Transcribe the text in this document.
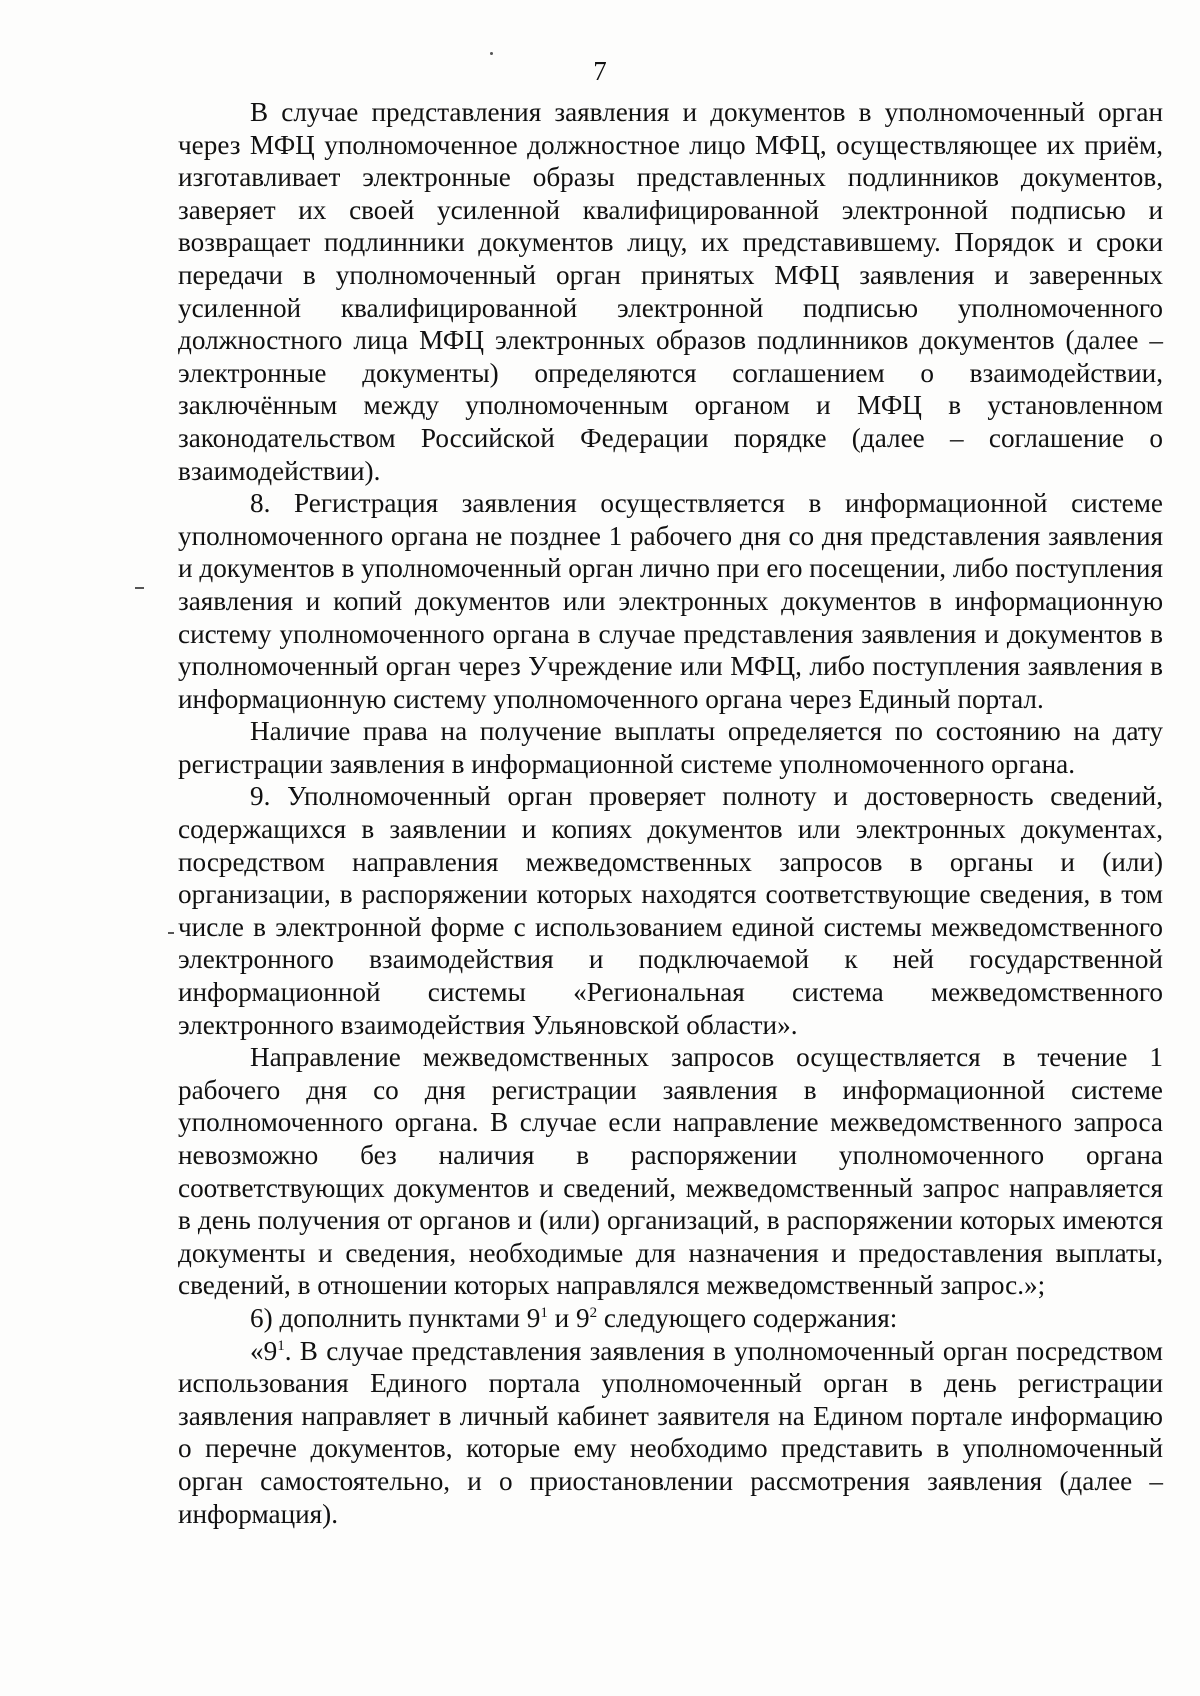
7

В случае представления заявления и документов в уполномоченный орган через МФЦ уполномоченное должностное лицо МФЦ, осуществляющее их приём, изготавливает электронные образы представленных подлинников документов, заверяет их своей усиленной квалифицированной электронной подписью и возвращает подлинники документов лицу, их представившему. Порядок и сроки передачи в уполномоченный орган принятых МФЦ заявления и заверенных усиленной квалифицированной электронной подписью уполномоченного должностного лица МФЦ электронных образов подлинников документов (далее – электронные документы) определяются соглашением о взаимодействии, заключённым между уполномоченным органом и МФЦ в установленном законодательством Российской Федерации порядке (далее – соглашение о взаимодействии).

8. Регистрация заявления осуществляется в информационной системе уполномоченного органа не позднее 1 рабочего дня со дня представления заявления и документов в уполномоченный орган лично при его посещении, либо поступления заявления и копий документов или электронных документов в информационную систему уполномоченного органа в случае представления заявления и документов в уполномоченный орган через Учреждение или МФЦ, либо поступления заявления в информационную систему уполномоченного органа через Единый портал.

Наличие права на получение выплаты определяется по состоянию на дату регистрации заявления в информационной системе уполномоченного органа.

9. Уполномоченный орган проверяет полноту и достоверность сведений, содержащихся в заявлении и копиях документов или электронных документах, посредством направления межведомственных запросов в органы и (или) организации, в распоряжении которых находятся соответствующие сведения, в том числе в электронной форме с использованием единой системы межведомственного электронного взаимодействия и подключаемой к ней государственной информационной системы «Региональная система межведомственного электронного взаимодействия Ульяновской области».

Направление межведомственных запросов осуществляется в течение 1 рабочего дня со дня регистрации заявления в информационной системе уполномоченного органа. В случае если направление межведомственного запроса невозможно без наличия в распоряжении уполномоченного органа соответствующих документов и сведений, межведомственный запрос направляется в день получения от органов и (или) организаций, в распоряжении которых имеются документы и сведения, необходимые для назначения и предоставления выплаты, сведений, в отношении которых направлялся межведомственный запрос.»;

6) дополнить пунктами $9^1$ и $9^2$ следующего содержания:

«$9^1$. В случае представления заявления в уполномоченный орган посредством использования Единого портала уполномоченный орган в день регистрации заявления направляет в личный кабинет заявителя на Едином портале информацию о перечне документов, которые ему необходимо представить в уполномоченный орган самостоятельно, и о приостановлении рассмотрения заявления (далее – информация).
